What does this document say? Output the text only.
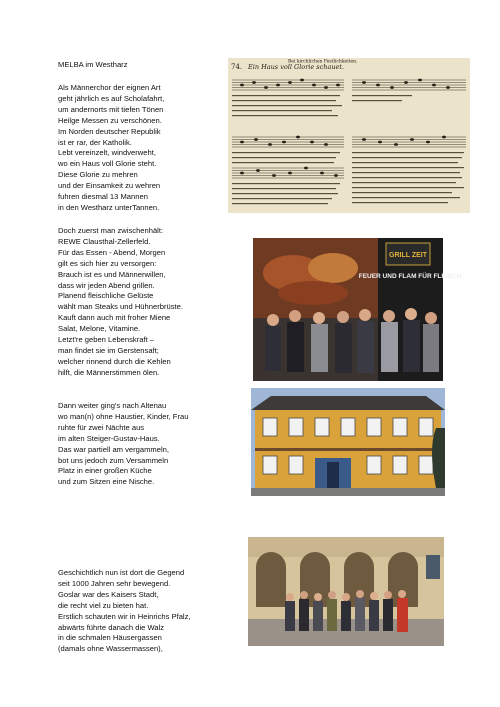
MELBA im Westharz
Als Männerchor der eignen Art
geht jährlich es auf Scholafahrt,
um andernorts mit tiefen Tönen
Heilge Messen zu verschönen.
Im Norden deutscher Republik
ist er rar, der Katholik.
Lebt vereinzelt, windverweht,
wo ein Haus voll Glorie steht.
Diese Glorie zu mehren
und der Einsamkeit zu wehren
fuhren diesmal 13 Mannen
in den Westharz unterTannen.
Doch zuerst man zwischenhält:
REWE Clausthal-Zellerfeld.
Für das Essen - Abend, Morgen
gilt es sich hier zu versorgen:
Brauch ist es und Männerwillen,
dass wir jeden Abend grillen.
Planend fleischliche Gelüste
wählt man Steaks und Hühnerbrüste.
Kauft dann auch mit froher Miene
Salat, Melone, Vitamine.
Letzt're geben Lebenskraft –
man findet sie im Gerstensaft;
welcher rinnend durch die Kehlen
hilft, die Männerstimmen ölen.
Dann weiter ging's nach Altenau
wo man(n) ohne Haustier, Kinder, Frau
ruhte für zwei Nächte aus
im alten Steiger-Gustav-Haus.
Das war partiell am vergammeln,
bot uns jedoch zum Versammeln
Platz in einer großen Küche
und zum Sitzen eine Nische.
Geschichtlich nun ist dort die Gegend
seit 1000 Jahren sehr bewegend.
Goslar war des Kaisers Stadt,
die recht viel zu bieten hat.
Erstlich schauten wir in Heinrichs Pfalz,
abwärts führte danach die Walz
in die schmalen Häusergassen
(damals ohne Wassermassen),
74. Ein Haus voll Glorie schauet.
Bei kirchlichen Festlichkeiten.
GRILL ZEIT
FEUER UND FLAM FÜR FLEISCH
